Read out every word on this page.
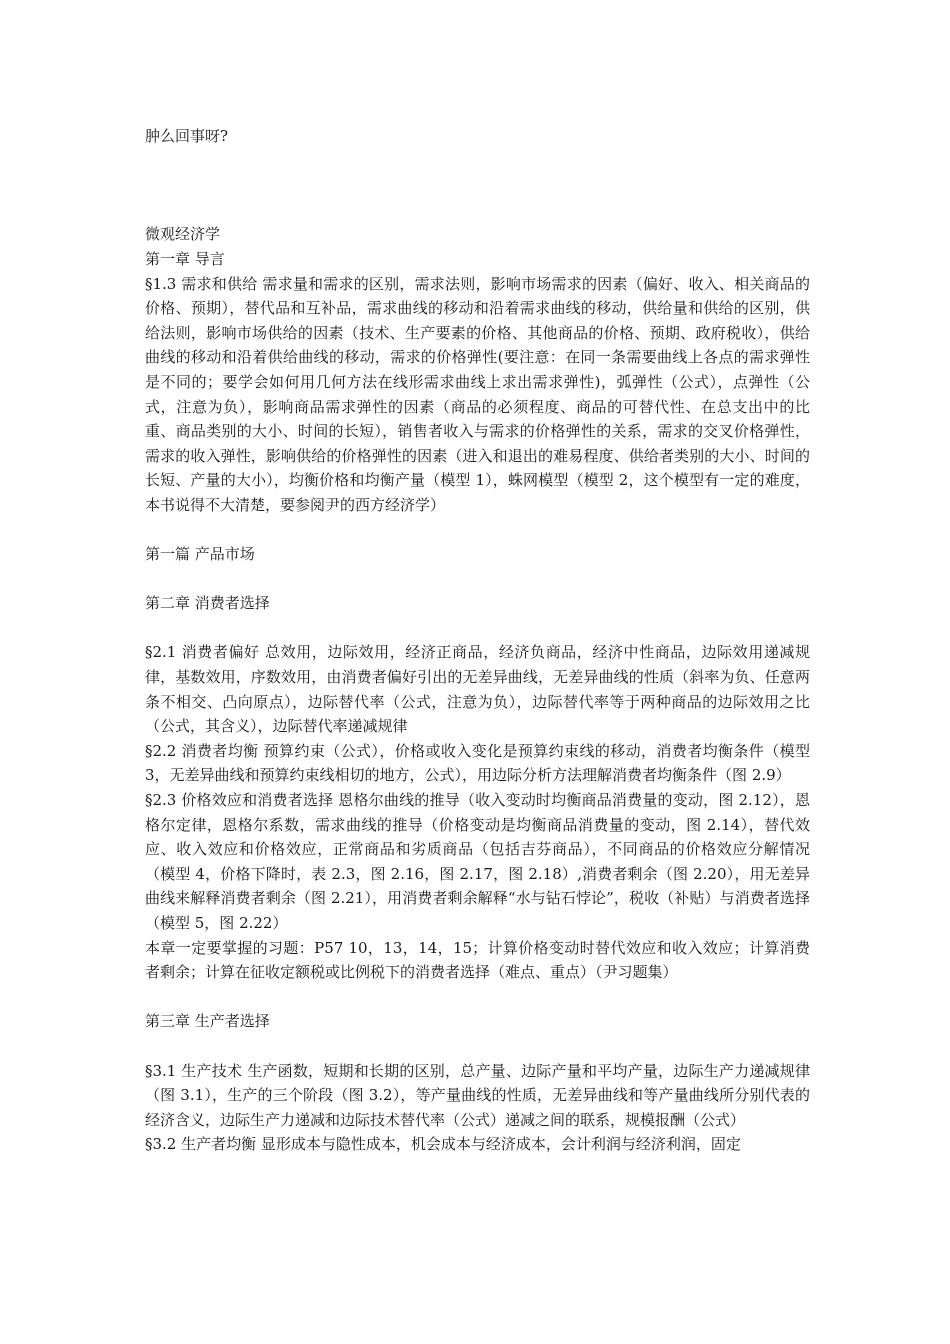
肿么回事呀?

微观经济学

第一章 导言

§1.3 需求和供给 需求量和需求的区别，需求法则，影响市场需求的因素（偏好、收入、相关商品的价格、预期），替代品和互补品，需求曲线的移动和沿着需求曲线的移动，供给量和供给的区别，供给法则，影响市场供给的因素（技术、生产要素的价格、其他商品的价格、预期、政府税收），供给曲线的移动和沿着供给曲线的移动，需求的价格弹性(要注意：在同一条需要曲线上各点的需求弹性是不同的；要学会如何用几何方法在线形需求曲线上求出需求弹性)，弧弹性（公式），点弹性（公式，注意为负），影响商品需求弹性的因素（商品的必须程度、商品的可替代性、在总支出中的比重、商品类别的大小、时间的长短），销售者收入与需求的价格弹性的关系，需求的交叉价格弹性，需求的收入弹性，影响供给的价格弹性的因素（进入和退出的难易程度、供给者类别的大小、时间的长短、产量的大小），均衡价格和均衡产量（模型 1），蛛网模型（模型 2，这个模型有一定的难度，本书说得不大清楚，要参阅尹的西方经济学）

第一篇 产品市场

第二章 消费者选择

§2.1 消费者偏好 总效用，边际效用，经济正商品，经济负商品，经济中性商品，边际效用递减规律，基数效用，序数效用，由消费者偏好引出的无差异曲线，无差异曲线的性质（斜率为负、任意两条不相交、凸向原点），边际替代率（公式，注意为负），边际替代率等于两种商品的边际效用之比（公式，其含义），边际替代率递减规律

§2.2 消费者均衡 预算约束（公式），价格或收入变化是预算约束线的移动，消费者均衡条件（模型 3，无差异曲线和预算约束线相切的地方，公式），用边际分析方法理解消费者均衡条件（图 2.9）

§2.3 价格效应和消费者选择 恩格尔曲线的推导（收入变动时均衡商品消费量的变动，图 2.12），恩格尔定律，恩格尔系数，需求曲线的推导（价格变动是均衡商品消费量的变动，图 2.14），替代效应、收入效应和价格效应，正常商品和劣质商品（包括吉芬商品），不同商品的价格效应分解情况（模型 4，价格下降时，表 2.3，图 2.16，图 2.17，图 2.18）,消费者剩余（图 2.20），用无差异曲线来解释消费者剩余（图 2.21），用消费者剩余解释“水与钻石悖论”，税收（补贴）与消费者选择（模型 5，图 2.22）

本章一定要掌握的习题：P57 10，13，14，15；计算价格变动时替代效应和收入效应；计算消费者剩余；计算在征收定额税或比例税下的消费者选择（难点、重点）（尹习题集）

第三章 生产者选择

§3.1 生产技术 生产函数，短期和长期的区别，总产量、边际产量和平均产量，边际生产力递减规律（图 3.1），生产的三个阶段（图 3.2），等产量曲线的性质，无差异曲线和等产量曲线所分别代表的经济含义，边际生产力递减和边际技术替代率（公式）递减之间的联系，规模报酬（公式）

§3.2 生产者均衡 显形成本与隐性成本，机会成本与经济成本，会计利润与经济利润，固定
